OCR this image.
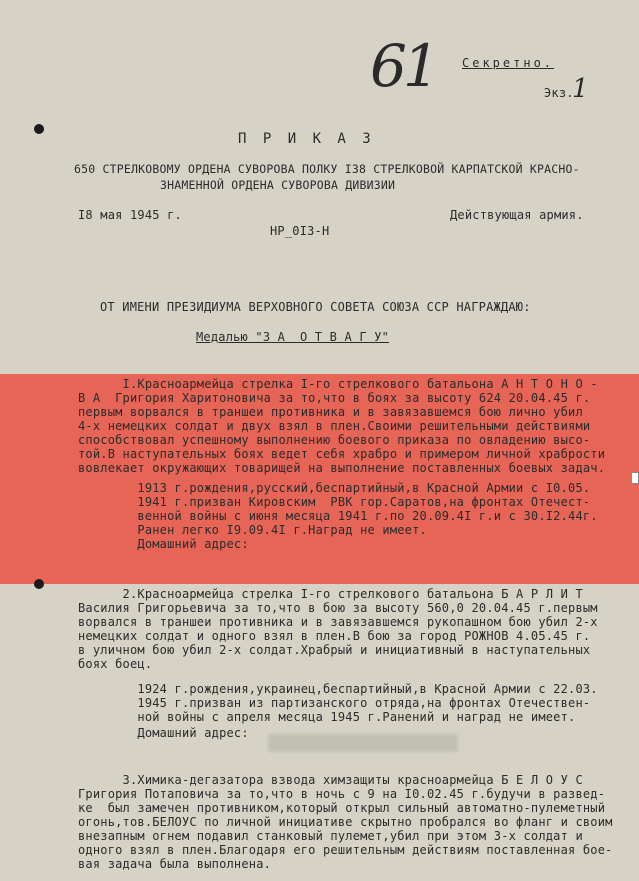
61 Секретно.
Экз.
1
П Р И К А З
650 СТРЕЛКОВОМУ ОРДЕНА СУВОРОВА ПОЛКУ I38 СТРЕЛКОВОЙ КАРПАТСКОЙ КРАСНО-
ЗНАМЕННОЙ ОРДЕНА СУВОРОВА ДИВИЗИИ
I8 мая 1945 г.	Действующая армия.
НР_0I3-Н
ОТ ИМЕНИ ПРЕЗИДИУМА ВЕРХОВНОГО СОВЕТА СОЮЗА ССР НАГРАЖДАЮ:
Медалью "З А  О Т В А Г У"
I.Красноармейца стрелка I-го стрелкового батальона А Н Т О Н О -
В А  Григория Харитоновича за то,что в боях за высоту 624 20.04.45 г.
первым ворвался в траншеи противника и в завязавшемся бою лично убил
4-х немецких солдат и двух взял в плен.Своими решительными действиями
способствовал успешному выполнению боевого приказа по овладению высо-
той.В наступательных боях ведет себя храбро и примером личной храбрости
вовлекает окружающих товарищей на выполнение поставленных боевых задач.
1913 г.рождения,русский,беспартийный,в Красной Армии с I0.05.
1941 г.призван Кировским  РВК гор.Саратов,на фронтах Отечест-
венной войны с июня месяца 1941 г.по 20.09.4I г.и с 30.I2.44г.
Ранен легко I9.09.4I г.Наград не имеет.
Домашний адрес:
2.Красноармейца стрелка I-го стрелкового батальона Б А Р Л И Т
Василия Григорьевича за то,что в бою за высоту 560,0 20.04.45 г.первым
ворвался в траншеи противника и в завязавшемся рукопашном бою убил 2-х
немецких солдат и одного взял в плен.В бою за город РОЖНОВ 4.05.45 г.
в уличном бою убил 2-х солдат.Храбрый и инициативный в наступательных
боях боец.
1924 г.рождения,украинец,беспартийный,в Красной Армии с 22.03.
1945 г.призван из партизанского отряда,на фронтах Отечествен-
ной войны с апреля месяца 1945 г.Ранений и наград не имеет.
Домашний адрес:
3.Химика-дегазатора взвода химзащиты красноармейца Б Е Л О У С
Григория Потаповича за то,что в ночь с 9 на I0.02.45 г.будучи в развед-
ке  был замечен противником,который открыл сильный автоматно-пулеметный
огонь,тов.БЕЛОУС по личной инициативе скрытно пробрался во фланг и своим
внезапным огнем подавил станковый пулемет,убил при этом 3-х солдат и
одного взял в плен.Благодаря его решительным действиям поставленная бое-
вая задача была выполнена.
